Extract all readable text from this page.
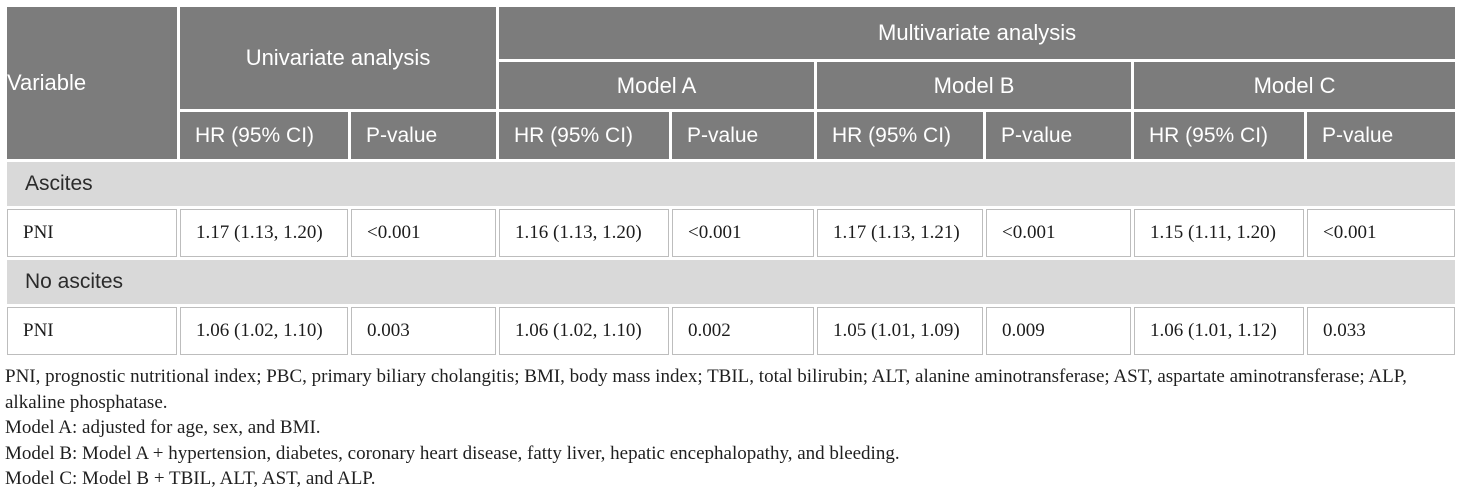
Variable	Univariate analysis		Multivariate analysis					
			Model A		Model B		Model C	
	HR (95% CI)	P-value	HR (95% CI)	P-value	HR (95% CI)	P-value	HR (95% CI)	P-value
Ascites								
PNI	1.17 (1.13, 1.20)	<0.001	1.16 (1.13, 1.20)	<0.001	1.17 (1.13, 1.21)	<0.001	1.15 (1.11, 1.20)	<0.001
No ascites								
PNI	1.06 (1.02, 1.10)	0.003	1.06 (1.02, 1.10)	0.002	1.05 (1.01, 1.09)	0.009	1.06 (1.01, 1.12)	0.033

PNI, prognostic nutritional index; PBC, primary biliary cholangitis; BMI, body mass index; TBIL, total bilirubin; ALT, alanine aminotransferase; AST, aspartate aminotransferase; ALP, alkaline phosphatase.

Model A: adjusted for age, sex, and BMI.

Model B: Model A + hypertension, diabetes, coronary heart disease, fatty liver, hepatic encephalopathy, and bleeding.

Model C: Model B + TBIL, ALT, AST, and ALP.
